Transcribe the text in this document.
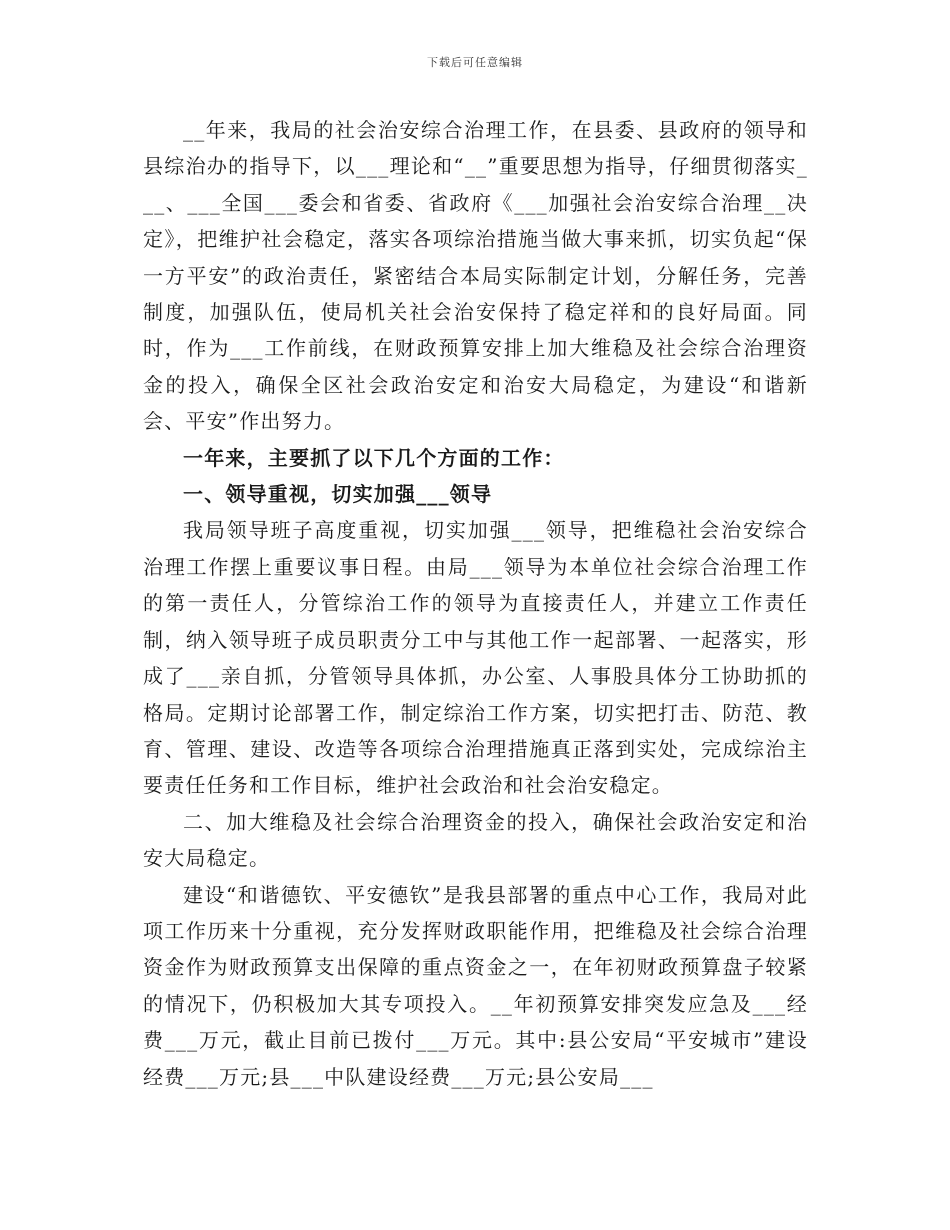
下载后可任意编辑

__年来，我局的社会治安综合治理工作，在县委、县政府的领导和县综治办的指导下，以___理论和“__”重要思想为指导，仔细贯彻落实___、___全国___委会和省委、省政府《___加强社会治安综合治理__决定》，把维护社会稳定，落实各项综治措施当做大事来抓，切实负起“保一方平安”的政治责任，紧密结合本局实际制定计划，分解任务，完善制度，加强队伍，使局机关社会治安保持了稳定祥和的良好局面。同时，作为___工作前线，在财政预算安排上加大维稳及社会综合治理资金的投入，确保全区社会政治安定和治安大局稳定，为建设“和谐新会、平安”作出努力。

一年来，主要抓了以下几个方面的工作：

一、领导重视，切实加强___领导

我局领导班子高度重视，切实加强___领导，把维稳社会治安综合治理工作摆上重要议事日程。由局___领导为本单位社会综合治理工作的第一责任人，分管综治工作的领导为直接责任人，并建立工作责任制，纳入领导班子成员职责分工中与其他工作一起部署、一起落实，形成了___亲自抓，分管领导具体抓，办公室、人事股具体分工协助抓的格局。定期讨论部署工作，制定综治工作方案，切实把打击、防范、教育、管理、建设、改造等各项综合治理措施真正落到实处，完成综治主要责任任务和工作目标，维护社会政治和社会治安稳定。

二、加大维稳及社会综合治理资金的投入，确保社会政治安定和治安大局稳定。

建设“和谐德钦、平安德钦”是我县部署的重点中心工作，我局对此项工作历来十分重视，充分发挥财政职能作用，把维稳及社会综合治理资金作为财政预算支出保障的重点资金之一，在年初财政预算盘子较紧的情况下，仍积极加大其专项投入。__年初预算安排突发应急及___经费___万元，截止目前已拨付___万元。其中:县公安局“平安城市”建设经费___万元;县___中队建设经费___万元;县公安局___
